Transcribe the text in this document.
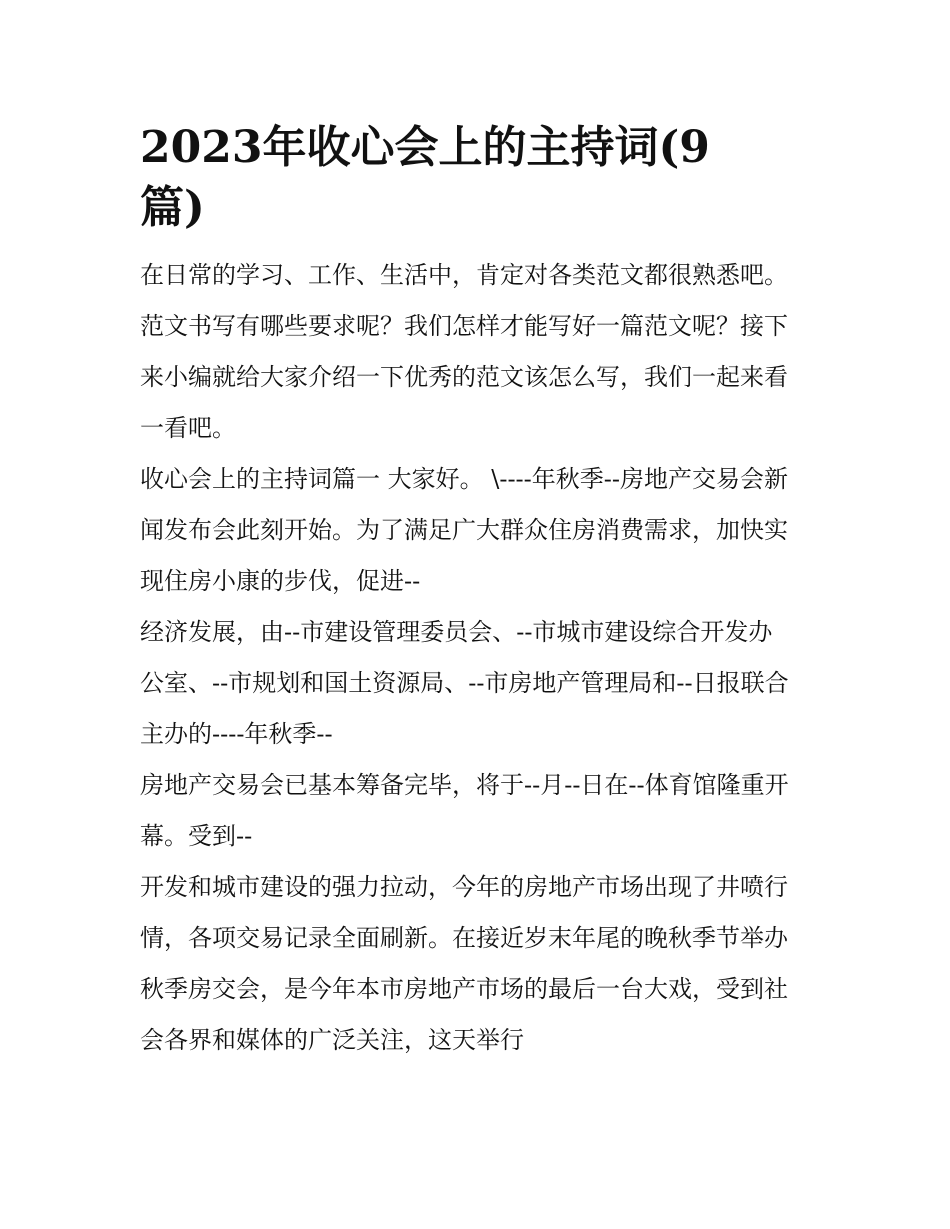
2023年收心会上的主持词(9
篇)

在日常的学习、工作、生活中，肯定对各类范文都很熟悉吧。
范文书写有哪些要求呢？我们怎样才能写好一篇范文呢？接下
来小编就给大家介绍一下优秀的范文该怎么写，我们一起来看
一看吧。

收心会上的主持词篇一 大家好。 \----年秋季--房地产交易会新
闻发布会此刻开始。为了满足广大群众住房消费需求，加快实
现住房小康的步伐，促进--

经济发展，由--市建设管理委员会、--市城市建设综合开发办
公室、--市规划和国土资源局、--市房地产管理局和--日报联合
主办的----年秋季--

房地产交易会已基本筹备完毕，将于--月--日在--体育馆隆重开
幕。受到--

开发和城市建设的强力拉动，今年的房地产市场出现了井喷行
情，各项交易记录全面刷新。在接近岁末年尾的晚秋季节举办
秋季房交会，是今年本市房地产市场的最后一台大戏，受到社
会各界和媒体的广泛关注，这天举行
